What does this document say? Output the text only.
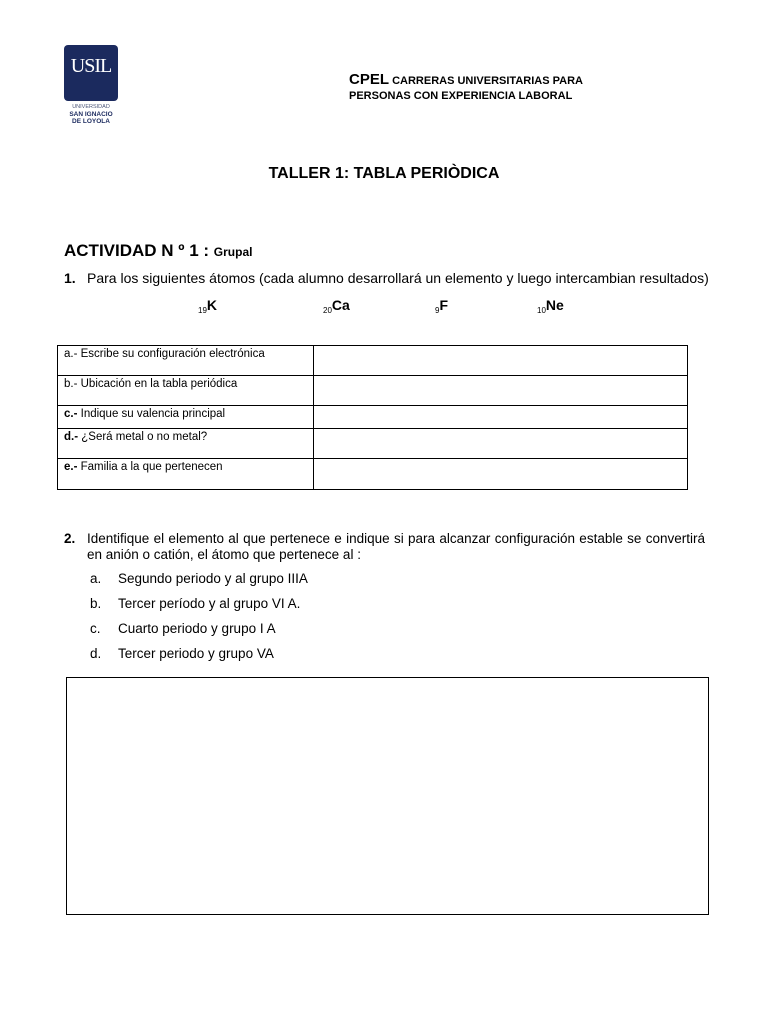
USIL
UNIVERSIDAD
SAN IGNACIO
DE LOYOLA
CPEL CARRERAS UNIVERSITARIAS PARA
PERSONAS CON EXPERIENCIA LABORAL
TALLER 1: TABLA PERIÒDICA
ACTIVIDAD N º 1 : Grupal
1. Para los siguientes átomos (cada alumno desarrollará un elemento y luego intercambian resultados)
$_{19}$K	$_{20}$Ca	$_9$F	$_{10}$Ne
a.- Escribe su configuración electrónica	
b.- Ubicación en la tabla periódica	
c.- Indique su valencia principal	
d.- ¿Será metal o no metal?	
e.- Familia a la que pertenecen	
2. Identifique el elemento al que pertenece e indique si para alcanzar configuración estable se convertirá en anión o catión, el átomo que pertenece al :
a. Segundo periodo y al grupo IIIA
b. Tercer período y al grupo VI A.
c. Cuarto periodo y grupo I A
d. Tercer periodo y grupo VA
